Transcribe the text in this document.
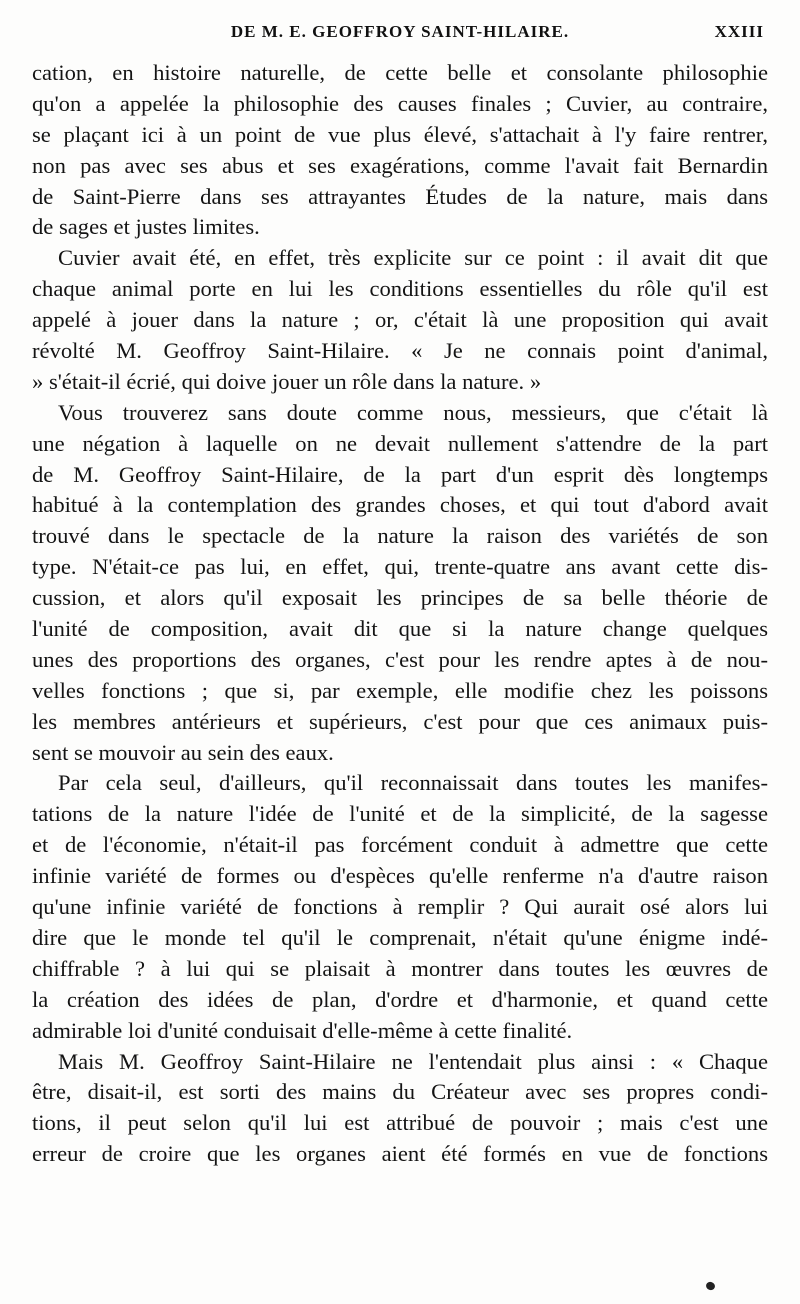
DE M. E. GEOFFROY SAINT-HILAIRE.	XXIII
cation, en histoire naturelle, de cette belle et consolante philosophie
qu'on a appelée la philosophie des causes finales ; Cuvier, au contraire,
se plaçant ici à un point de vue plus élevé, s'attachait à l'y faire rentrer,
non pas avec ses abus et ses exagérations, comme l'avait fait Bernardin
de Saint-Pierre dans ses attrayantes Études de la nature, mais dans
de sages et justes limites.
Cuvier avait été, en effet, très explicite sur ce point : il avait dit que
chaque animal porte en lui les conditions essentielles du rôle qu'il est
appelé à jouer dans la nature ; or, c'était là une proposition qui avait
révolté M. Geoffroy Saint-Hilaire. « Je ne connais point d'animal,
» s'était-il écrié, qui doive jouer un rôle dans la nature. »
Vous trouverez sans doute comme nous, messieurs, que c'était là
une négation à laquelle on ne devait nullement s'attendre de la part
de M. Geoffroy Saint-Hilaire, de la part d'un esprit dès longtemps
habitué à la contemplation des grandes choses, et qui tout d'abord avait
trouvé dans le spectacle de la nature la raison des variétés de son
type. N'était-ce pas lui, en effet, qui, trente-quatre ans avant cette dis-
cussion, et alors qu'il exposait les principes de sa belle théorie de
l'unité de composition, avait dit que si la nature change quelques
unes des proportions des organes, c'est pour les rendre aptes à de nou-
velles fonctions ; que si, par exemple, elle modifie chez les poissons
les membres antérieurs et supérieurs, c'est pour que ces animaux puis-
sent se mouvoir au sein des eaux.
Par cela seul, d'ailleurs, qu'il reconnaissait dans toutes les manifes-
tations de la nature l'idée de l'unité et de la simplicité, de la sagesse
et de l'économie, n'était-il pas forcément conduit à admettre que cette
infinie variété de formes ou d'espèces qu'elle renferme n'a d'autre raison
qu'une infinie variété de fonctions à remplir ? Qui aurait osé alors lui
dire que le monde tel qu'il le comprenait, n'était qu'une énigme indé-
chiffrable ? à lui qui se plaisait à montrer dans toutes les œuvres de
la création des idées de plan, d'ordre et d'harmonie, et quand cette
admirable loi d'unité conduisait d'elle-même à cette finalité.
Mais M. Geoffroy Saint-Hilaire ne l'entendait plus ainsi : « Chaque
être, disait-il, est sorti des mains du Créateur avec ses propres condi-
tions, il peut selon qu'il lui est attribué de pouvoir ; mais c'est une
erreur de croire que les organes aient été formés en vue de fonctions
